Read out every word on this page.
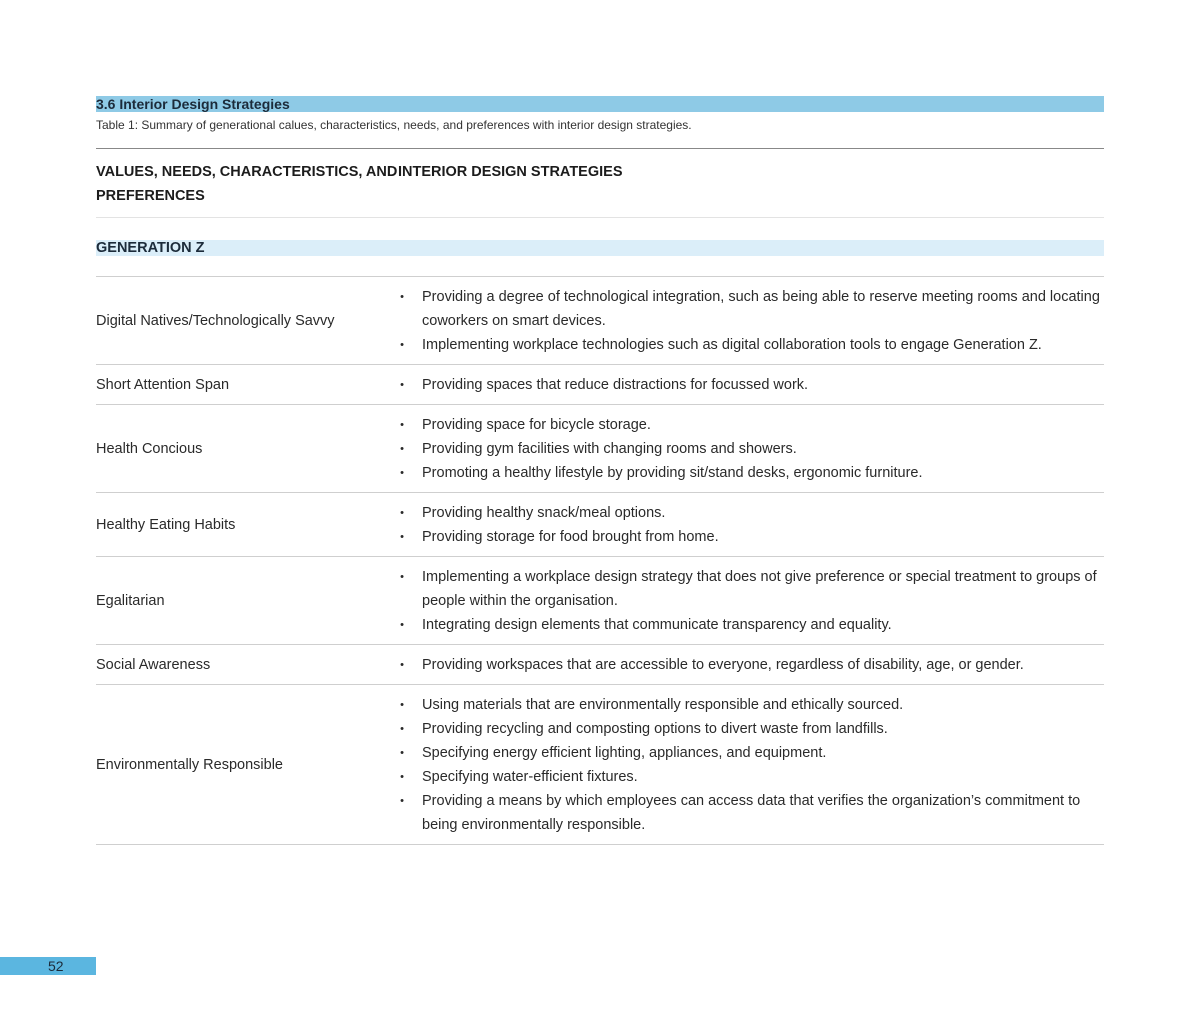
3.6 Interior Design Strategies
Table 1: Summary of generational calues, characteristics, needs, and preferences with interior design strategies.
VALUES, NEEDS, CHARACTERISTICS, AND PREFERENCES
INTERIOR DESIGN STRATEGIES
GENERATION Z
Digital Natives/Technologically Savvy
• Providing a degree of technological integration, such as being able to reserve meeting rooms and locating coworkers on smart devices.
• Implementing workplace technologies such as digital collaboration tools to engage Generation Z.
Short Attention Span	• Providing spaces that reduce distractions for focussed work.
Health Concious
• Providing space for bicycle storage.
• Providing gym facilities with changing rooms and showers.
• Promoting a healthy lifestyle by providing sit/stand desks, ergonomic furniture.
Healthy Eating Habits
• Providing healthy snack/meal options.
• Providing storage for food brought from home.
Egalitarian
• Implementing a workplace design strategy that does not give preference or special treatment to groups of people within the organisation.
• Integrating design elements that communicate transparency and equality.
Social Awareness	• Providing workspaces that are accessible to everyone, regardless of disability, age, or gender.
Environmentally Responsible
• Using materials that are environmentally responsible and ethically sourced.
• Providing recycling and composting options to divert waste from landfills.
• Specifying energy efficient lighting, appliances, and equipment.
• Specifying water-efficient fixtures.
• Providing a means by which employees can access data that verifies the organization’s commitment to being environmentally responsible.
52
